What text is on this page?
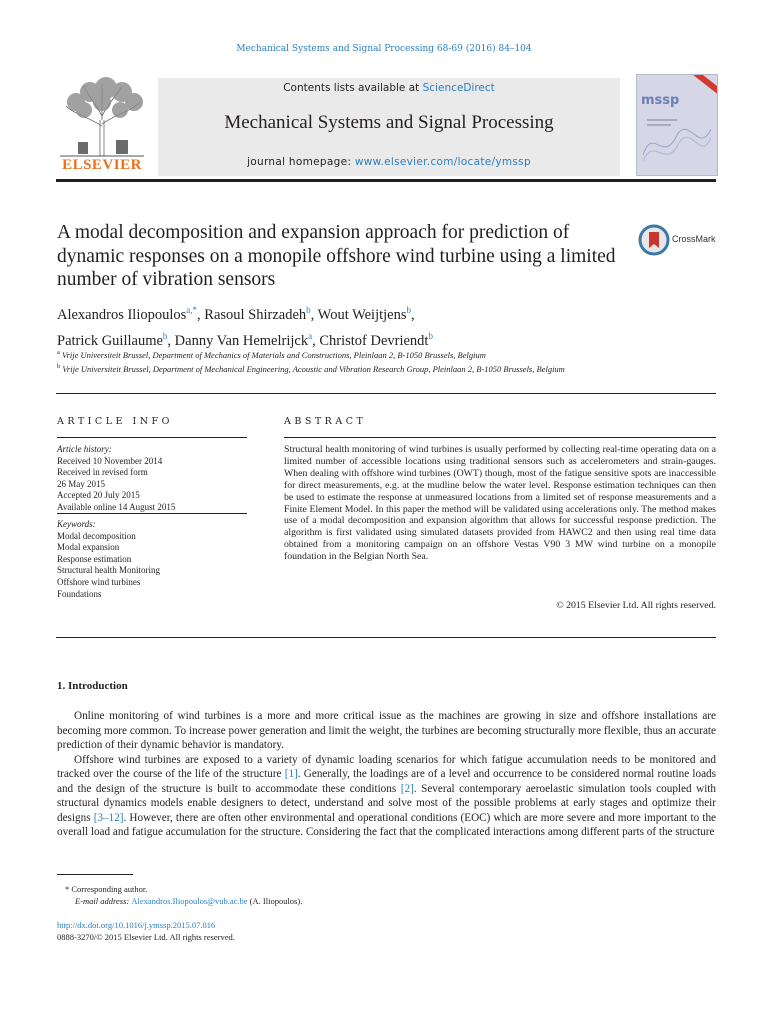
Mechanical Systems and Signal Processing 68-69 (2016) 84–104
ELSEVIER
Contents lists available at ScienceDirect
Mechanical Systems and Signal Processing
journal homepage: www.elsevier.com/locate/ymssp
mssp
A modal decomposition and expansion approach for prediction of dynamic responses on a monopile offshore wind turbine using a limited number of vibration sensors
CrossMark
Alexandros Iliopoulos$^{a,*}$, Rasoul Shirzadeh$^b$, Wout Weijtjens$^b$,
Patrick Guillaume$^b$, Danny Van Hemelrijck$^a$, Christof Devriendt$^b$
$^a$ Vrije Universiteit Brussel, Department of Mechanics of Materials and Constructions, Pleinlaan 2, B-1050 Brussels, Belgium
$^b$ Vrije Universiteit Brussel, Department of Mechanical Engineering, Acoustic and Vibration Research Group, Pleinlaan 2, B-1050 Brussels, Belgium
ARTICLE INFO	ABSTRACT
Article history:
Received 10 November 2014
Received in revised form
26 May 2015
Accepted 20 July 2015
Available online 14 August 2015
Keywords:
Modal decomposition
Modal expansion
Response estimation
Structural health Monitoring
Offshore wind turbines
Foundations
Structural health monitoring of wind turbines is usually performed by collecting real-time operating data on a limited number of accessible locations using traditional sensors such as accelerometers and strain-gauges. When dealing with offshore wind turbines (OWT) though, most of the fatigue sensitive spots are inaccessible for direct measurements, e.g. at the mudline below the water level. Response estimation techniques can then be used to estimate the response at unmeasured locations from a limited set of response measurements and a Finite Element Model. In this paper the method will be validated using accelerations only. The method makes use of a modal decomposition and expansion algorithm that allows for successful response prediction. The algorithm is first validated using simulated datasets provided from HAWC2 and then using real time data obtained from a monitoring campaign on an offshore Vestas V90 3 MW wind turbine on a monopile foundation in the Belgian North Sea.
© 2015 Elsevier Ltd. All rights reserved.
1. Introduction

Online monitoring of wind turbines is a more and more critical issue as the machines are growing in size and offshore installations are becoming more common. To increase power generation and limit the weight, the turbines are becoming structurally more flexible, thus an accurate prediction of their dynamic behavior is mandatory.

Offshore wind turbines are exposed to a variety of dynamic loading scenarios for which fatigue accumulation needs to be monitored and tracked over the course of the life of the structure [1]. Generally, the loadings are of a level and occurrence to be considered normal routine loads and the design of the structure is built to accommodate these conditions [2]. Several contemporary aeroelastic simulation tools coupled with structural dynamics models enable designers to detect, understand and solve most of the possible problems at early stages and optimize their designs [3–12]. However, there are often other environmental and operational conditions (EOC) which are more severe and more important to the overall load and fatigue accumulation for the structure. Considering the fact that the complicated interactions among different parts of the structure

* Corresponding author.
E-mail address: Alexandros.Iliopoulos@vub.ac.be (A. Iliopoulos).
http://dx.doi.org/10.1016/j.ymssp.2015.07.016
0888-3270/© 2015 Elsevier Ltd. All rights reserved.
